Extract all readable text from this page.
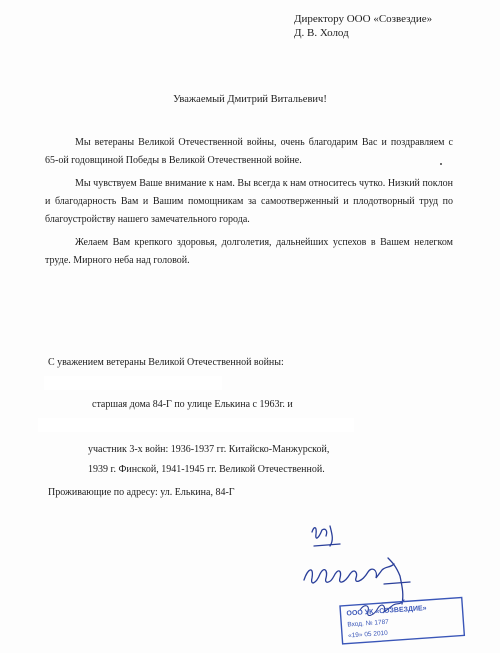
Директору ООО «Созвездие»
Д. В. Холод
Уважаемый Дмитрий Витальевич!

Мы ветераны Великой Отечественной войны, очень благодарим Вас и поздравляем с 65-ой годовщиной Победы в Великой Отечественной войне.

Мы чувствуем Ваше внимание к нам. Вы всегда к нам относитесь чутко. Низкий поклон и благодарность Вам и Вашим помощникам за самоотверженный и плодотворный труд по благоустройству нашего замечательного города.

Желаем Вам крепкого здоровья, долголетия, дальнейших успехов в Вашем нелегком труде. Мирного неба над головой.

С уважением ветераны Великой Отечественной войны:
старшая дома 84-Г по улице Елькина с 1963г. и
участник 3-х войн: 1936-1937 гг. Китайско-Манжурской,
1939 г. Финской, 1941-1945 гг. Великой Отечественной.
Проживающие по адресу: ул. Елькина, 84-Г
ООО УК «СОЗВЕЗДИЕ»
Вход. № 1787
«19» 05 2010
